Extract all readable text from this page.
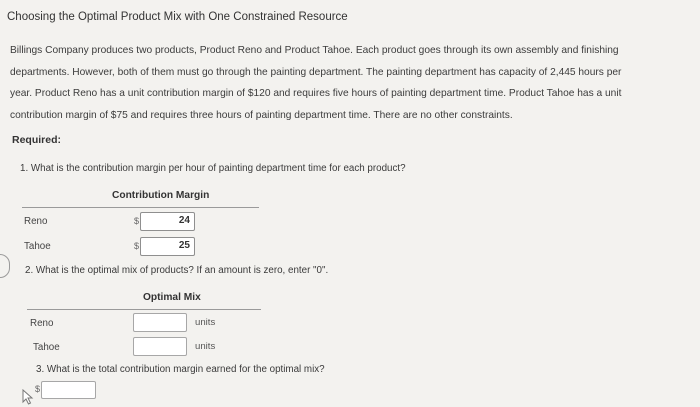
Choosing the Optimal Product Mix with One Constrained Resource

Billings Company produces two products, Product Reno and Product Tahoe. Each product goes through its own assembly and finishing

departments. However, both of them must go through the painting department. The painting department has capacity of 2,445 hours per

year. Product Reno has a unit contribution margin of $120 and requires five hours of painting department time. Product Tahoe has a unit

contribution margin of $75 and requires three hours of painting department time. There are no other constraints.

Required:
1. What is the contribution margin per hour of painting department time for each product?
Contribution Margin
Reno	$	24
Tahoe	$	25
2. What is the optimal mix of products? If an amount is zero, enter "0".
Optimal Mix
Reno	units
Tahoe	units
3. What is the total contribution margin earned for the optimal mix?
$
